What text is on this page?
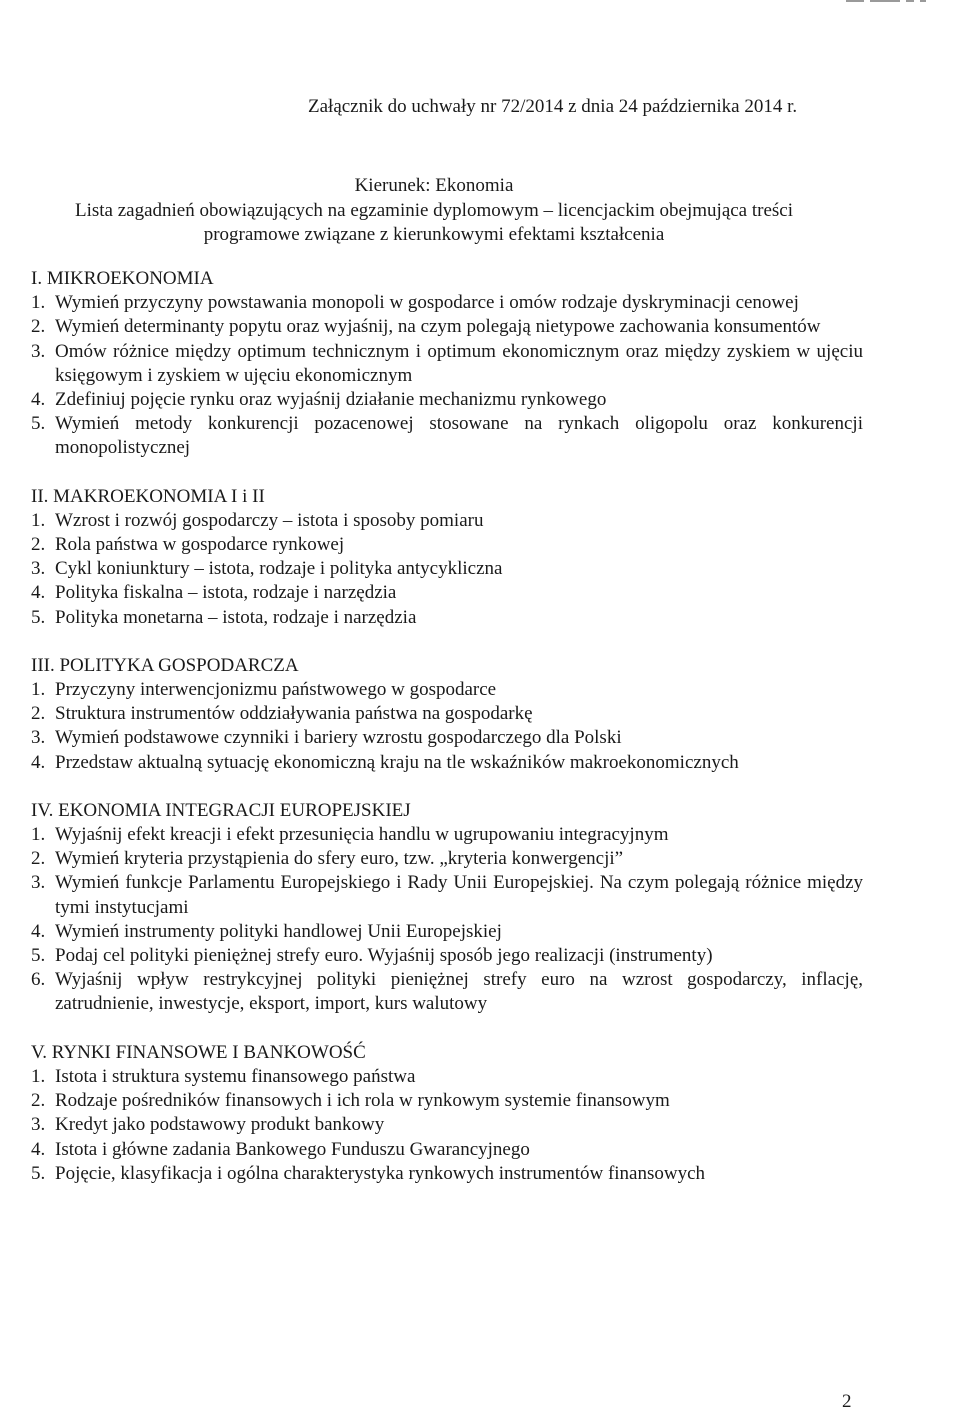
Załącznik do uchwały nr 72/2014 z dnia 24 października 2014 r.
Kierunek: Ekonomia
Lista zagadnień obowiązujących na egzaminie dyplomowym – licencjackim obejmująca treści
programowe związane z kierunkowymi efektami kształcenia
I. MIKROEKONOMIA
1. Wymień przyczyny powstawania monopoli w gospodarce i omów rodzaje dyskryminacji cenowej
2. Wymień determinanty popytu oraz wyjaśnij, na czym polegają nietypowe zachowania konsumentów
3. Omów różnice między optimum technicznym i optimum ekonomicznym oraz między zyskiem w ujęciu księgowym i zyskiem w ujęciu ekonomicznym
4. Zdefiniuj pojęcie rynku oraz wyjaśnij działanie mechanizmu rynkowego
5. Wymień metody konkurencji pozacenowej stosowane na rynkach oligopolu oraz konkurencji monopolistycznej
II. MAKROEKONOMIA I i II
1. Wzrost i rozwój gospodarczy – istota i sposoby pomiaru
2. Rola państwa w gospodarce rynkowej
3. Cykl koniunktury – istota, rodzaje i polityka antycykliczna
4. Polityka fiskalna – istota, rodzaje i narzędzia
5. Polityka monetarna – istota, rodzaje i narzędzia
III. POLITYKA GOSPODARCZA
1. Przyczyny interwencjonizmu państwowego w gospodarce
2. Struktura instrumentów oddziaływania państwa na gospodarkę
3. Wymień podstawowe czynniki i bariery wzrostu gospodarczego dla Polski
4. Przedstaw aktualną sytuację ekonomiczną kraju na tle wskaźników makroekonomicznych
IV. EKONOMIA INTEGRACJI EUROPEJSKIEJ
1. Wyjaśnij efekt kreacji i efekt przesunięcia handlu w ugrupowaniu integracyjnym
2. Wymień kryteria przystąpienia do sfery euro, tzw. „kryteria konwergencji”
3. Wymień funkcje Parlamentu Europejskiego i Rady Unii Europejskiej. Na czym polegają różnice między tymi instytucjami
4. Wymień instrumenty polityki handlowej Unii Europejskiej
5. Podaj cel polityki pieniężnej strefy euro. Wyjaśnij sposób jego realizacji (instrumenty)
6. Wyjaśnij wpływ restrykcyjnej polityki pieniężnej strefy euro na wzrost gospodarczy, inflację, zatrudnienie, inwestycje, eksport, import, kurs walutowy
V. RYNKI FINANSOWE I BANKOWOŚĆ
1. Istota i struktura systemu finansowego państwa
2. Rodzaje pośredników finansowych i ich rola w rynkowym systemie finansowym
3. Kredyt jako podstawowy produkt bankowy
4. Istota i główne zadania Bankowego Funduszu Gwarancyjnego
5. Pojęcie, klasyfikacja i ogólna charakterystyka rynkowych instrumentów finansowych
2
